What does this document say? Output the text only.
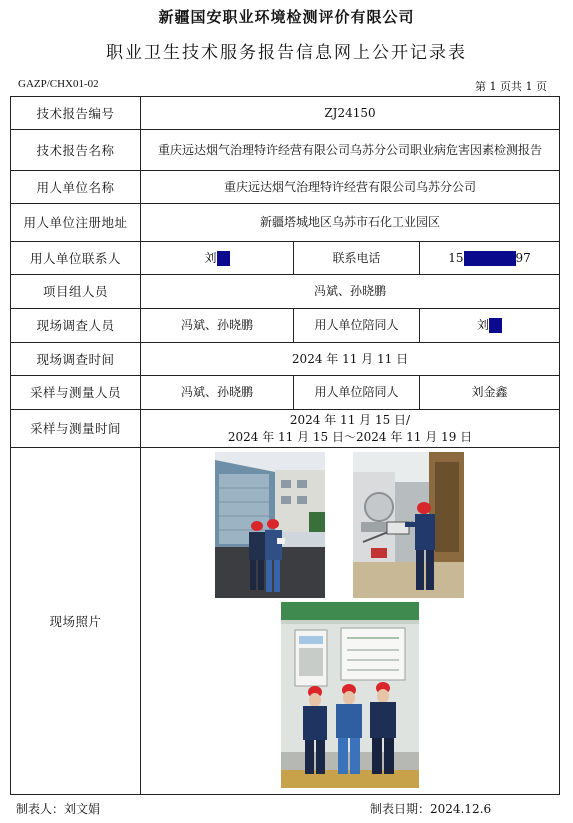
新疆国安职业环境检测评价有限公司
职业卫生技术服务报告信息网上公开记录表
GAZP/CHX01-02	第 1 页共 1 页
技术报告编号	ZJ24150		
技术报告名称	重庆远达烟气治理特许经营有限公司乌苏分公司职业病危害因素检测报告		
用人单位名称	重庆远达烟气治理特许经营有限公司乌苏分公司		
用人单位注册地址	新疆塔城地区乌苏市石化工业园区		
用人单位联系人	刘	联系电话	15 97
项目组人员	冯斌、孙晓鹏		
现场调查人员	冯斌、孙晓鹏	用人单位陪同人	刘
现场调查时间	2024 年 11 月 11 日		
采样与测量人员	冯斌、孙晓鹏	用人单位陪同人	刘金鑫
采样与测量时间	2024 年 11 月 15 日/
2024 年 11 月 15 日～2024 年 11 月 19 日		

现场照片	
制表人：刘文娟	制表日期：2024.12.6
